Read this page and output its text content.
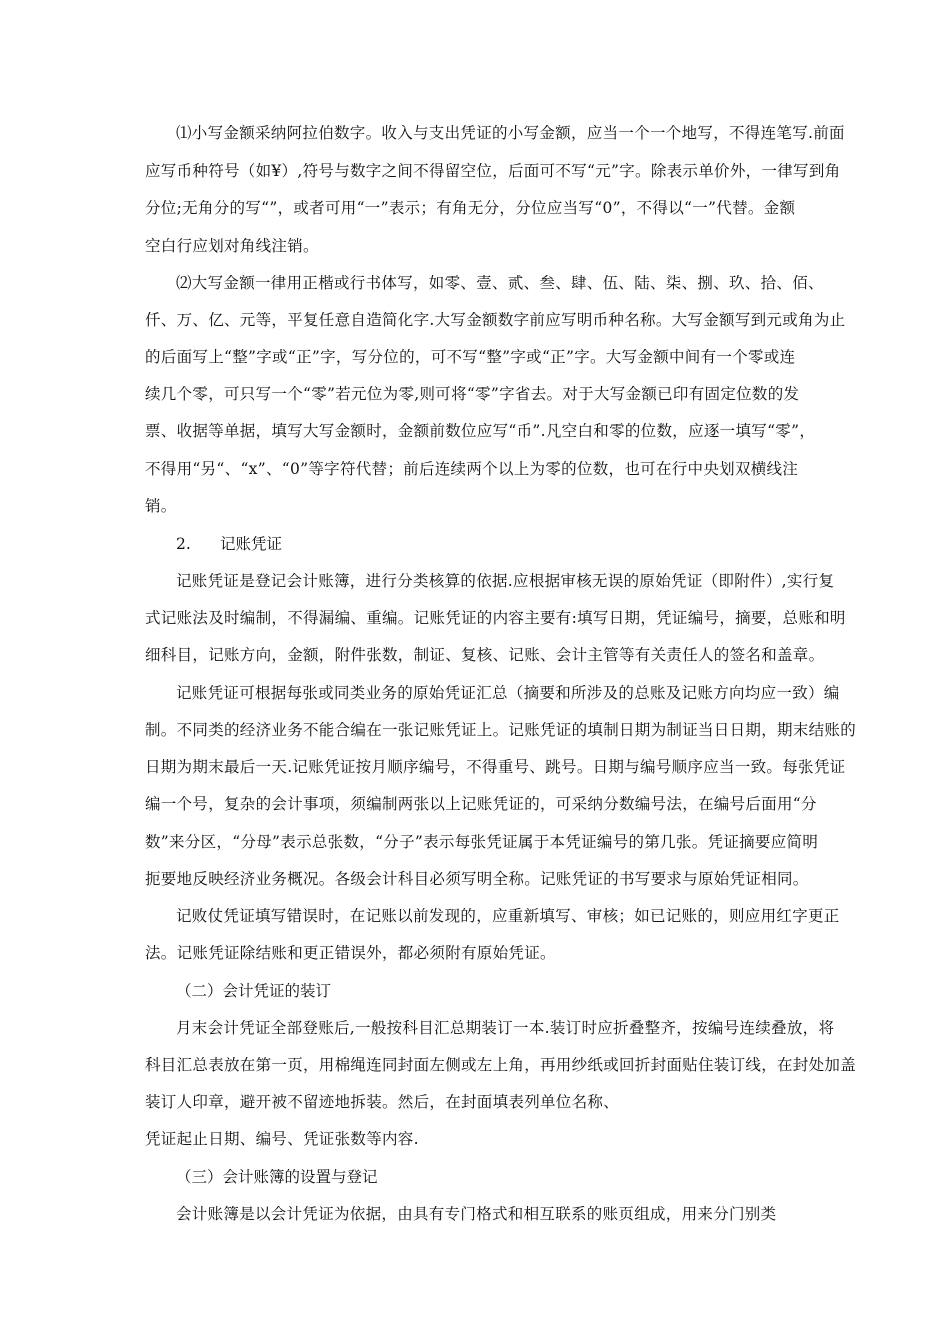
⑴小写金额采纳阿拉伯数字。收入与支出凭证的小写金额，应当一个一个地写，不得连笔写.前面
应写币种符号（如¥）,符号与数字之间不得留空位，后面可不写“元”字。除表示单价外，一律写到角
分位;无角分的写“”，或者可用“一”表示；有角无分，分位应当写“0”，不得以“一”代替。金额
空白行应划对角线注销。
⑵大写金额一律用正楷或行书体写，如零、壹、贰、叁、肆、伍、陆、柒、捌、玖、拾、佰、
仟、万、亿、元等，平复任意自造简化字.大写金额数字前应写明币种名称。大写金额写到元或角为止
的后面写上“整”字或“正”字，写分位的，可不写“整”字或“正”字。大写金额中间有一个零或连
续几个零，可只写一个“零”若元位为零,则可将“零”字省去。对于大写金额已印有固定位数的发
票、收据等单据，填写大写金额时，金额前数位应写“币”.凡空白和零的位数，应逐一填写“零”，
不得用“另“、“x”、“0”等字符代替；前后连续两个以上为零的位数，也可在行中央划双横线注
销。
2. 记账凭证
记账凭证是登记会计账簿，进行分类核算的依据.应根据审核无误的原始凭证（即附件）,实行复
式记账法及时编制，不得漏编、重编。记账凭证的内容主要有:填写日期，凭证编号，摘要，总账和明
细科目，记账方向，金额，附件张数，制证、复核、记账、会计主管等有关责任人的签名和盖章。
记账凭证可根据每张或同类业务的原始凭证汇总（摘要和所涉及的总账及记账方向均应一致）编
制。不同类的经济业务不能合编在一张记账凭证上。记账凭证的填制日期为制证当日日期，期末结账的
日期为期末最后一天.记账凭证按月顺序编号，不得重号、跳号。日期与编号顺序应当一致。每张凭证
编一个号，复杂的会计事项，须编制两张以上记账凭证的，可采纳分数编号法，在编号后面用“分
数”来分区，“分母”表示总张数，“分子”表示每张凭证属于本凭证编号的第几张。凭证摘要应简明
扼要地反映经济业务概况。各级会计科目必须写明全称。记账凭证的书写要求与原始凭证相同。
记败仗凭证填写错误时，在记账以前发现的，应重新填写、审核；如已记账的，则应用红字更正
法。记账凭证除结账和更正错误外，都必须附有原始凭证。
（二）会计凭证的装订
月末会计凭证全部登账后,一般按科目汇总期装订一本.装订时应折叠整齐，按编号连续叠放，将
科目汇总表放在第一页，用棉绳连同封面左侧或左上角，再用纱纸或回折封面贴住装订线，在封处加盖
装订人印章，避开被不留迹地拆装。然后，在封面填表列单位名称、
凭证起止日期、编号、凭证张数等内容.
（三）会计账簿的设置与登记
会计账簿是以会计凭证为依据，由具有专门格式和相互联系的账页组成，用来分门别类
